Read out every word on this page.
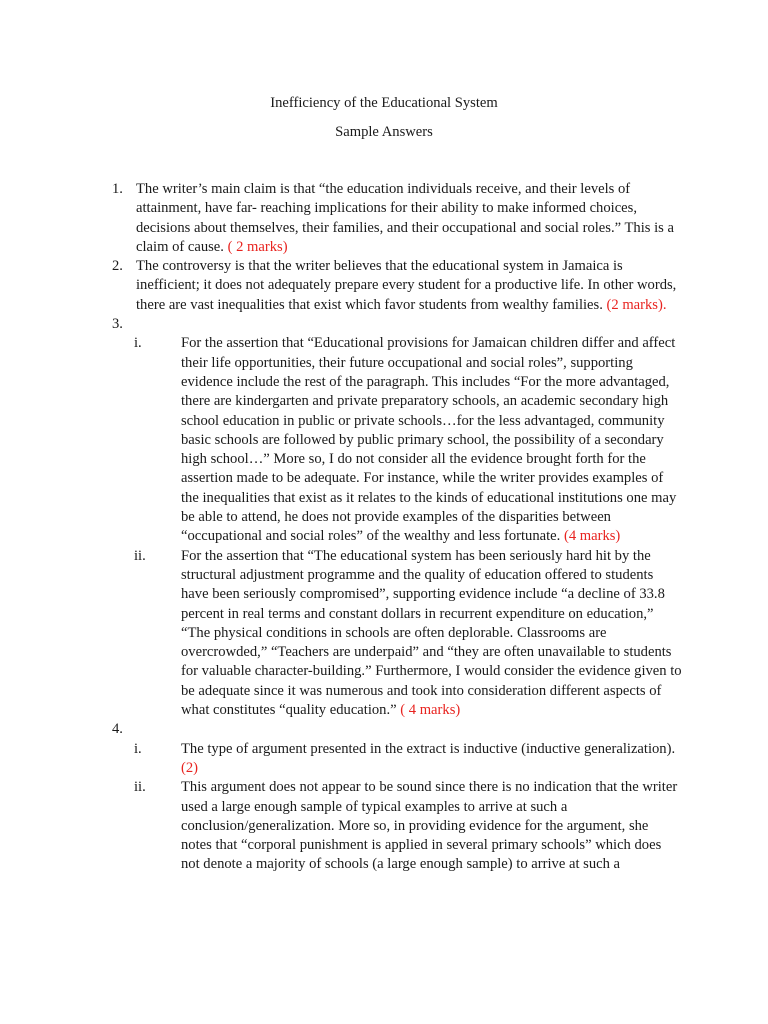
Inefficiency of the Educational System
Sample Answers
1. The writer’s main claim is that “the education individuals receive, and their levels of attainment, have far- reaching implications for their ability to make informed choices, decisions about themselves, their families, and their occupational and social roles.” This is a claim of cause. ( 2 marks)
2. The controversy is that the writer believes that the educational system in Jamaica is inefficient; it does not adequately prepare every student for a productive life. In other words, there are vast inequalities that exist which favor students from wealthy families. (2 marks).
3.
i.	For the assertion that “Educational provisions for Jamaican children differ and affect their life opportunities, their future occupational and social roles”, supporting evidence include the rest of the paragraph. This includes “For the more advantaged, there are kindergarten and private preparatory schools, an academic secondary high school education in public or private schools…for the less advantaged, community basic schools are followed by public primary school, the possibility of a secondary high school…” More so, I do not consider all the evidence brought forth for the assertion made to be adequate. For instance, while the writer provides examples of the inequalities that exist as it relates to the kinds of educational institutions one may be able to attend, he does not provide examples of the disparities between “occupational and social roles” of the wealthy and less fortunate. (4 marks)
ii. For the assertion that “The educational system has been seriously hard hit by the structural adjustment programme and the quality of education offered to students have been seriously compromised”, supporting evidence include “a decline of 33.8 percent in real terms and constant dollars in recurrent expenditure on education,” “The physical conditions in schools are often deplorable. Classrooms are overcrowded,” “Teachers are underpaid” and “they are often unavailable to students for valuable character-building.” Furthermore, I would consider the evidence given to be adequate since it was numerous and took into consideration different aspects of what constitutes “quality education.” ( 4 marks)
4.
i.	The type of argument presented in the extract is inductive (inductive generalization). (2)
ii. This argument does not appear to be sound since there is no indication that the writer used a large enough sample of typical examples to arrive at such a conclusion/generalization. More so, in providing evidence for the argument, she notes that “corporal punishment is applied in several primary schools” which does not denote a majority of schools (a large enough sample) to arrive at such a
